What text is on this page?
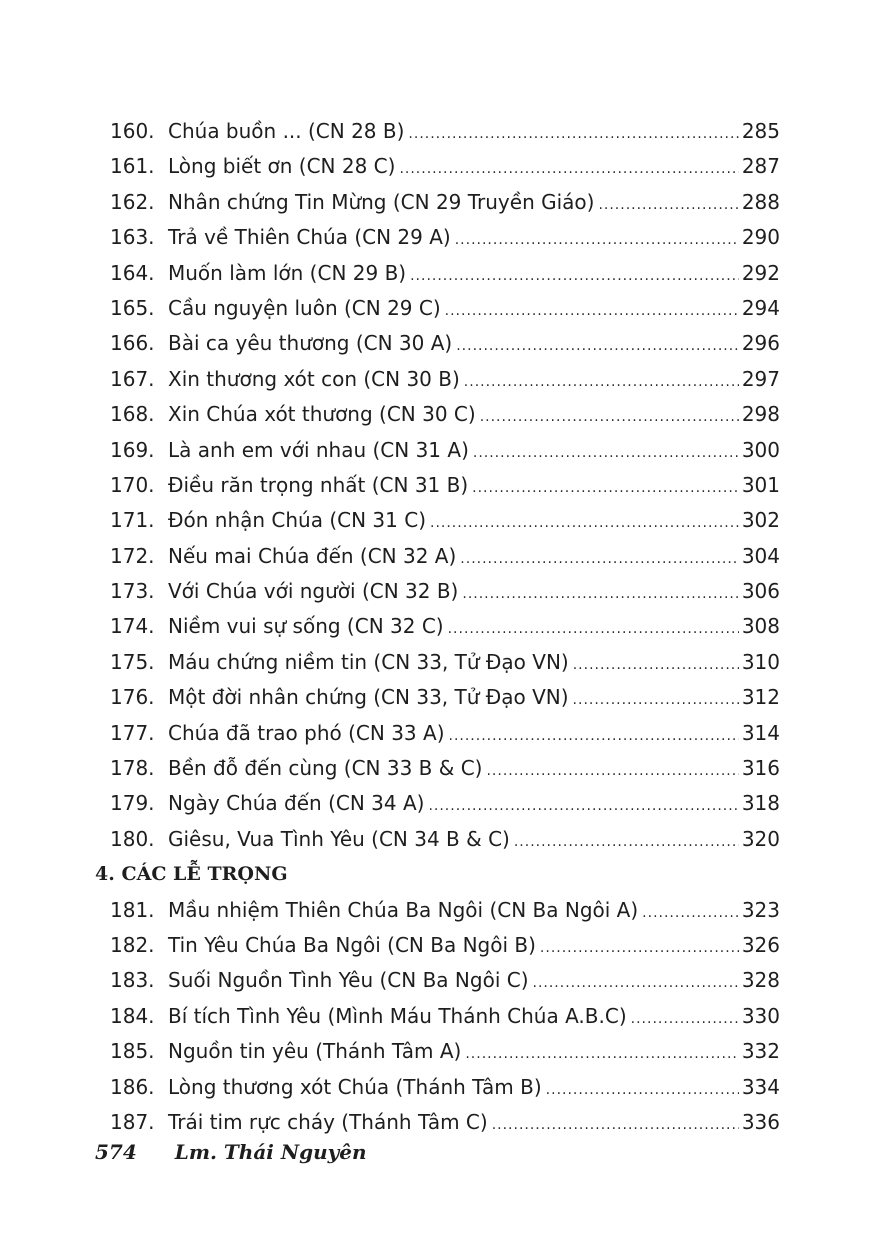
160. Chúa buồn ... (CN 28 B) .....	285
161. Lòng biết ơn (CN 28 C) .....	287
162. Nhân chứng Tin Mừng (CN 29 Truyền Giáo) .....	288
163. Trả về Thiên Chúa (CN 29 A) .....	290
164. Muốn làm lớn (CN 29 B) .....	292
165. Cầu nguyện luôn (CN 29 C) .....	294
166. Bài ca yêu thương (CN 30 A) .....	296
167. Xin thương xót con (CN 30 B) .....	297
168. Xin Chúa xót thương (CN 30 C) .....	298
169. Là anh em với nhau (CN 31 A) .....	300
170. Điều răn trọng nhất (CN 31 B) .....	301
171. Đón nhận Chúa (CN 31 C) .....	302
172. Nếu mai Chúa đến (CN 32 A) .....	304
173. Với Chúa với người (CN 32 B) .....	306
174. Niềm vui sự sống (CN 32 C) .....	308
175. Máu chứng niềm tin (CN 33, Tử Đạo VN) .....	310
176. Một đời nhân chứng (CN 33, Tử Đạo VN) .....	312
177. Chúa đã trao phó (CN 33 A) .....	314
178. Bền đỗ đến cùng (CN 33 B & C) .....	316
179. Ngày Chúa đến (CN 34 A) .....	318
180. Giêsu, Vua Tình Yêu (CN 34 B & C) .....	320
4. CÁC LỄ TRỌNG
181. Mầu nhiệm Thiên Chúa Ba Ngôi (CN Ba Ngôi A) .....	323
182. Tin Yêu Chúa Ba Ngôi (CN Ba Ngôi B) .....	326
183. Suối Nguồn Tình Yêu (CN Ba Ngôi C) .....	328
184. Bí tích Tình Yêu (Mình Máu Thánh Chúa A.B.C) .....	330
185. Nguồn tin yêu (Thánh Tâm A) .....	332
186. Lòng thương xót Chúa (Thánh Tâm B) .....	334
187. Trái tim rực cháy (Thánh Tâm C) .....	336
574 Lm. Thái Nguyên
